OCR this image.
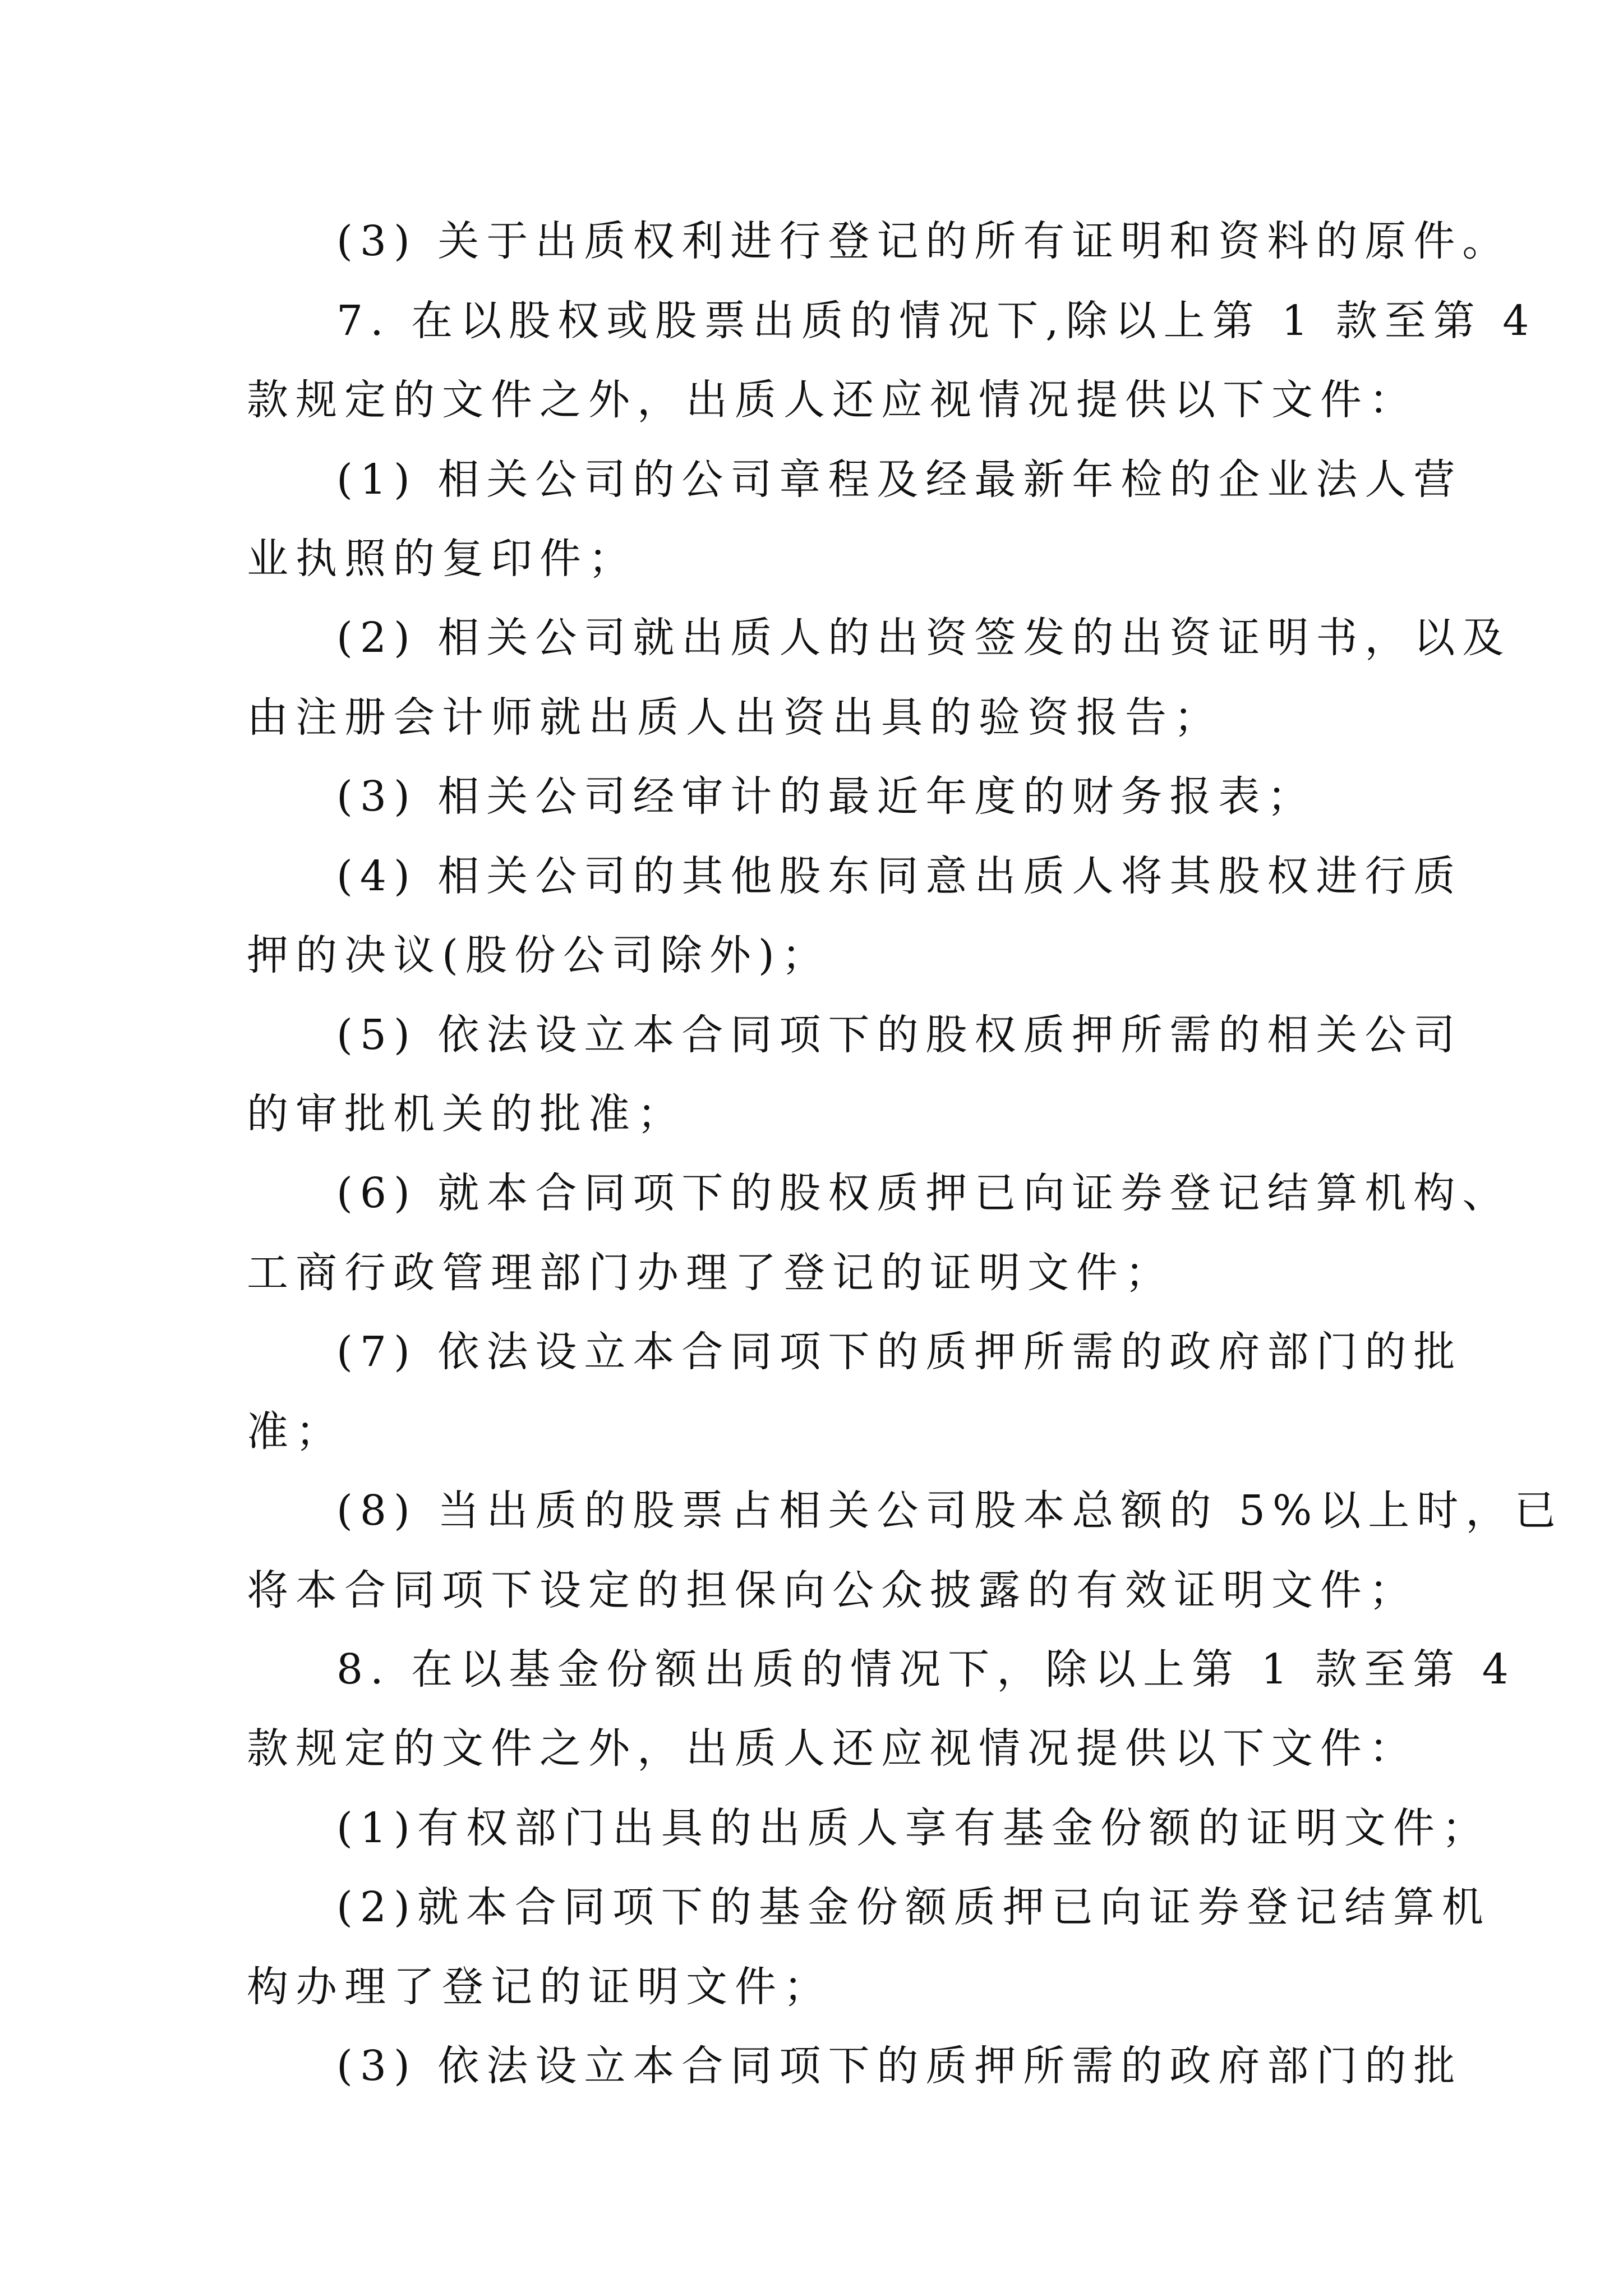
(3) 关于出质权利进行登记的所有证明和资料的原件。
7. 在以股权或股票出质的情况下,除以上第 1 款至第 4
款规定的文件之外，出质人还应视情况提供以下文件：
(1) 相关公司的公司章程及经最新年检的企业法人营
业执照的复印件；
(2) 相关公司就出质人的出资签发的出资证明书，以及
由注册会计师就出质人出资出具的验资报告；
(3) 相关公司经审计的最近年度的财务报表；
(4) 相关公司的其他股东同意出质人将其股权进行质
押的决议(股份公司除外)；
(5) 依法设立本合同项下的股权质押所需的相关公司
的审批机关的批准；
(6) 就本合同项下的股权质押已向证券登记结算机构、
工商行政管理部门办理了登记的证明文件；
(7) 依法设立本合同项下的质押所需的政府部门的批
准；
(8) 当出质的股票占相关公司股本总额的 5%以上时，已
将本合同项下设定的担保向公众披露的有效证明文件；
8. 在以基金份额出质的情况下，除以上第 1 款至第 4
款规定的文件之外，出质人还应视情况提供以下文件：
(1)有权部门出具的出质人享有基金份额的证明文件；
(2)就本合同项下的基金份额质押已向证券登记结算机
构办理了登记的证明文件；
(3) 依法设立本合同项下的质押所需的政府部门的批
